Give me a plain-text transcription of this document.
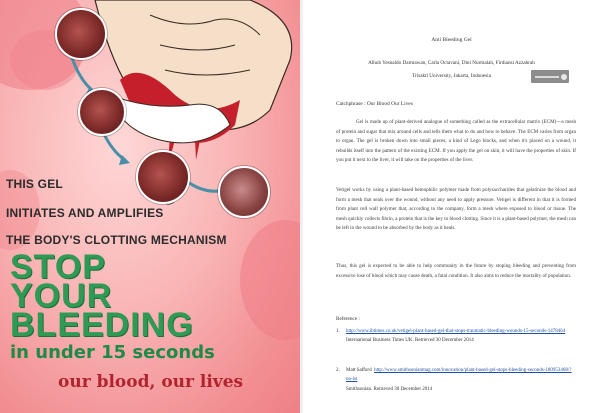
THIS GEL
INITIATES AND AMPLIFIES
THE BODY'S CLOTTING MECHANISM
STOP
YOUR
BLEEDING
in under 15 seconds
our blood, our lives
Anti Bleeding Gel
Alhub Yesnaldo Darmawan, Carla Octavani, Dini Nurmalah, Firdiansi Azzahrah
Trisakti University, Jakarta, Indonesia
Catchphrase : Our Blood Our Lives
Gel is made up of plant-derived analogue of something called as the extracellular matrix (ECM)—a mesh of protein and sugar that mix around cells and tells them what to do and how to behave. The ECM varies from organ to organ. The gel is broken down into small pieces, a kind of Lego blocks, and when it's placed on a wound, it rebuilds itself into the pattern of the existing ECM. If you apply the gel on skin, it will have the properties of skin. If you put it next to the liver, it will take on the properties of the liver.
Vetigel works by using a plant-based hemophilic polymer made from polysaccharides that gelatinize the blood and form a mesh that seals over the wound, without any need to apply pressure. Vetigel is different in that it is formed from plant cell wall polymer that, according to the company, form a mesh where exposed to blood or tissue. The mesh quickly collects fibrin, a protein that is the key to blood clotting. Since it is a plant-based polymer, the mesh can be left in the wound to be absorbed by the body as it heals.
Thus, this gel is expected to be able to help community in the future by stoping bleeding and preventing from excessive lose of blood which may cause death, a fatal condition. It also aims to reduce the mortality of population.
Reference :
1. http://www.ibtimes.co.uk/vetigel-plant-based-gel-that-stops-traumatic-bleeding-wounds-15-seconds-1478464
International Business Times UK. Retrieved 30 December 2014
2. Matt Safford http://www.smithsonianmag.com/innovation/plant-based-gel-stops-bleeding-seconds-180953468/?no-ist
Smithsonian. Retrieved 30 December 2014
